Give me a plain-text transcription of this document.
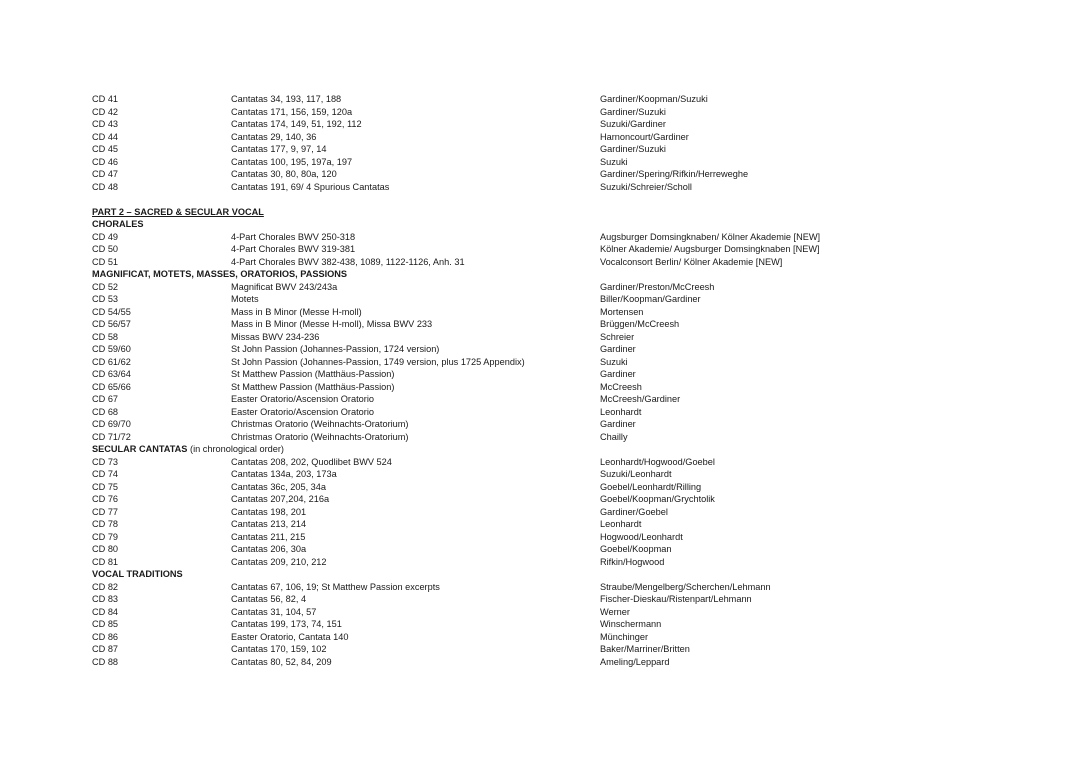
CD 41	Cantatas 34, 193, 117, 188	Gardiner/Koopman/Suzuki
CD 42	Cantatas 171, 156, 159, 120a	Gardiner/Suzuki
CD 43	Cantatas 174, 149, 51, 192, 112	Suzuki/Gardiner
CD 44	Cantatas 29, 140, 36	Harnoncourt/Gardiner
CD 45	Cantatas 177, 9, 97, 14	Gardiner/Suzuki
CD 46	Cantatas 100, 195, 197a, 197	Suzuki
CD 47	Cantatas 30, 80, 80a, 120	Gardiner/Spering/Rifkin/Herreweghe
CD 48	Cantatas 191, 69/ 4 Spurious Cantatas	Suzuki/Schreier/Scholl
PART 2 – SACRED & SECULAR VOCAL
CHORALES
CD 49	4-Part Chorales BWV 250-318	Augsburger Domsingknaben/ Kölner Akademie [NEW]
CD 50	4-Part Chorales BWV 319-381	Kölner Akademie/ Augsburger Domsingknaben [NEW]
CD 51	4-Part Chorales BWV 382-438, 1089, 1122-1126, Anh. 31	Vocalconsort Berlin/ Kölner Akademie [NEW]
MAGNIFICAT, MOTETS, MASSES, ORATORIOS, PASSIONS
CD 52	Magnificat BWV 243/243a	Gardiner/Preston/McCreesh
CD 53	Motets	Biller/Koopman/Gardiner
CD 54/55	Mass in B Minor (Messe H-moll)	Mortensen
CD 56/57	Mass in B Minor (Messe H-moll), Missa BWV 233	Brüggen/McCreesh
CD 58	Missas BWV 234-236	Schreier
CD 59/60	St John Passion (Johannes-Passion, 1724 version)	Gardiner
CD 61/62	St John Passion (Johannes-Passion, 1749 version, plus 1725 Appendix)	Suzuki
CD 63/64	St Matthew Passion (Matthäus-Passion)	Gardiner
CD 65/66	St Matthew Passion (Matthäus-Passion)	McCreesh
CD 67	Easter Oratorio/Ascension Oratorio	McCreesh/Gardiner
CD 68	Easter Oratorio/Ascension Oratorio	Leonhardt
CD 69/70	Christmas Oratorio (Weihnachts-Oratorium)	Gardiner
CD 71/72	Christmas Oratorio (Weihnachts-Oratorium)	Chailly
SECULAR CANTATAS (in chronological order)
CD 73	Cantatas 208, 202, Quodlibet BWV 524	Leonhardt/Hogwood/Goebel
CD 74	Cantatas 134a, 203, 173a	Suzuki/Leonhardt
CD 75	Cantatas 36c, 205, 34a	Goebel/Leonhardt/Rilling
CD 76	Cantatas 207,204, 216a	Goebel/Koopman/Grychtolik
CD 77	Cantatas 198, 201	Gardiner/Goebel
CD 78	Cantatas 213, 214	Leonhardt
CD 79	Cantatas 211, 215	Hogwood/Leonhardt
CD 80	Cantatas 206, 30a	Goebel/Koopman
CD 81	Cantatas 209, 210, 212	Rifkin/Hogwood
VOCAL TRADITIONS
CD 82	Cantatas 67, 106, 19; St Matthew Passion excerpts	Straube/Mengelberg/Scherchen/Lehmann
CD 83	Cantatas 56, 82, 4	Fischer-Dieskau/Ristenpart/Lehmann
CD 84	Cantatas 31, 104, 57	Werner
CD 85	Cantatas 199, 173, 74, 151	Winschermann
CD 86	Easter Oratorio, Cantata 140	Münchinger
CD 87	Cantatas 170, 159, 102	Baker/Marriner/Britten
CD 88	Cantatas 80, 52, 84, 209	Ameling/Leppard
